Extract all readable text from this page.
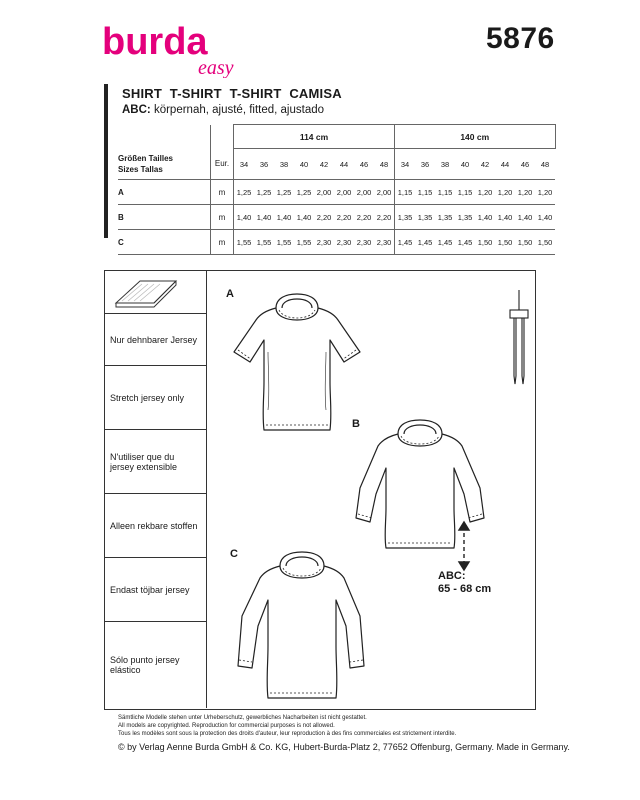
burda
easy
5876
SHIRT T-SHIRT T-SHIRT CAMISA
ABC: körpernah, ajusté, fitted, ajustado
		114 cm								140 cm							

Größen Tailles
Sizes Tallas	Eur.	34	36	38	40	42	44	46	48	34	36	38	40	42	44	46	48
A	m	1,25	1,25	1,25	1,25	2,00	2,00	2,00	2,00	1,15	1,15	1,15	1,15	1,20	1,20	1,20	1,20
B	m	1,40	1,40	1,40	1,40	2,20	2,20	2,20	2,20	1,35	1,35	1,35	1,35	1,40	1,40	1,40	1,40
C	m	1,55	1,55	1,55	1,55	2,30	2,30	2,30	2,30	1,45	1,45	1,45	1,45	1,50	1,50	1,50	1,50
Nur dehnbarer Jersey
Stretch jersey only
N'utiliser que du jersey extensible
Alleen rekbare stoffen
Endast töjbar jersey
Sólo punto jersey elástico
A
B
C
ABC:
65 - 68 cm
Sämtliche Modelle stehen unter Urheberschutz, gewerbliches Nacharbeiten ist nicht gestattet.
All models are copyrighted. Reproduction for commercial purposes is not allowed.
Tous les modèles sont sous la protection des droits d'auteur, leur reproduction à des fins commerciales est strictement interdite.
© by Verlag Aenne Burda GmbH & Co. KG, Hubert-Burda-Platz 2, 77652 Offenburg, Germany. Made in Germany.
